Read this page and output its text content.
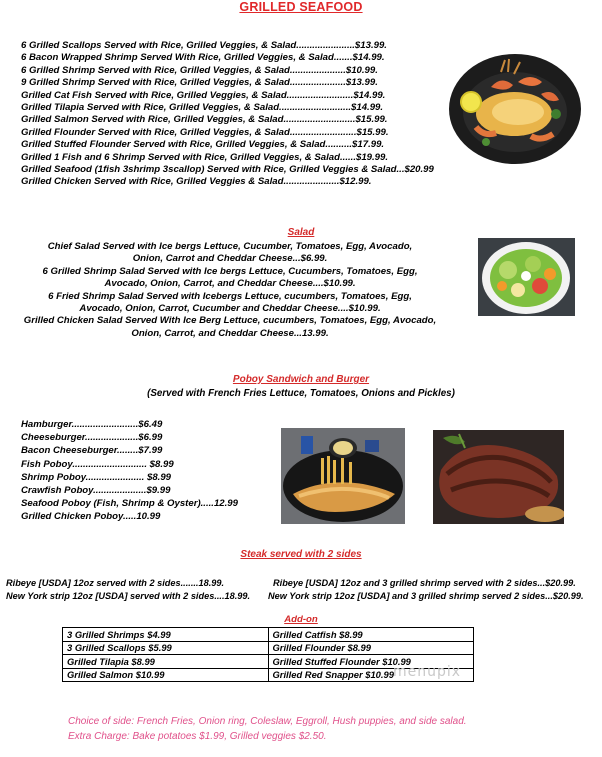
GRILLED SEAFOOD
6 Grilled Scallops Served with Rice, Grilled Veggies, & Salad......................$13.99.
6 Bacon Wrapped Shrimp Served With Rice, Grilled Veggies, & Salad.......$14.99.
6 Grilled Shrimp Served with Rice, Grilled Veggies, & Salad.....................$10.99.
9 Grilled Shrimp Served with Rice, Grilled Veggies, & Salad.....................$13.99.
Grilled Cat Fish Served with Rice, Grilled Veggies, & Salad.........................$14.99.
Grilled Tilapia Served with Rice, Grilled Veggies, & Salad...........................$14.99.
Grilled Salmon Served with Rice, Grilled Veggies, & Salad...........................$15.99.
Grilled Flounder Served with Rice, Grilled Veggies, & Salad.........................$15.99.
Grilled Stuffed Flounder Served with Rice, Grilled Veggies, & Salad..........$17.99.
Grilled 1 Fish and 6 Shrimp Served with Rice, Grilled Veggies, & Salad......$19.99.
Grilled Seafood (1fish 3shrimp 3scallop) Served with Rice, Grilled Veggies & Salad...$20.99
Grilled Chicken Served with Rice, Grilled Veggies & Salad.....................$12.99.
Salad
Chief Salad Served with Ice bergs Lettuce, Cucumber, Tomatoes, Egg, Avocado,
Onion, Carrot and Cheddar Cheese...$6.99.
6 Grilled Shrimp Salad Served with Ice bergs Lettuce, Cucumbers, Tomatoes, Egg,
Avocado, Onion, Carrot, and Cheddar Cheese....$10.99.
6 Fried Shrimp Salad Served with Icebergs Lettuce, cucumbers, Tomatoes, Egg,
Avocado, Onion, Carrot, Cucumber and Cheddar Cheese....$10.99.
Grilled Chicken Salad Served With Ice Berg Lettuce, cucumbers, Tomatoes, Egg, Avocado,
Onion, Carrot, and Cheddar Cheese...13.99.
Poboy Sandwich and Burger
(Served with French Fries Lettuce, Tomatoes, Onions and Pickles)
Hamburger.........................$6.49
Cheeseburger....................$6.99
Bacon Cheeseburger........$7.99
Fish Poboy............................ $8.99
Shrimp Poboy...................... $8.99
Crawfish Poboy....................$9.99
Seafood Poboy (Fish, Shrimp & Oyster).....12.99
Grilled Chicken Poboy.....10.99
Steak served with 2 sides
Ribeye [USDA] 12oz served with 2 sides.......18.99.
New York strip 12oz [USDA] served with 2 sides....18.99.
Ribeye [USDA] 12oz and 3 grilled shrimp served with 2 sides...$20.99.
New York strip 12oz [USDA] and 3 grilled shrimp served 2 sides...$20.99.
Add-on
3 Grilled Shrimps $4.99	Grilled Catfish $8.99
3 Grilled Scallops $5.99	Grilled Flounder $8.99
Grilled Tilapia $8.99	Grilled Stuffed Flounder $10.99
Grilled Salmon $10.99	Grilled Red Snapper $10.99 menupix
Choice of side: French Fries, Onion ring, Coleslaw, Eggroll, Hush puppies, and side salad.
Extra Charge: Bake potatoes $1.99, Grilled veggies $2.50.
